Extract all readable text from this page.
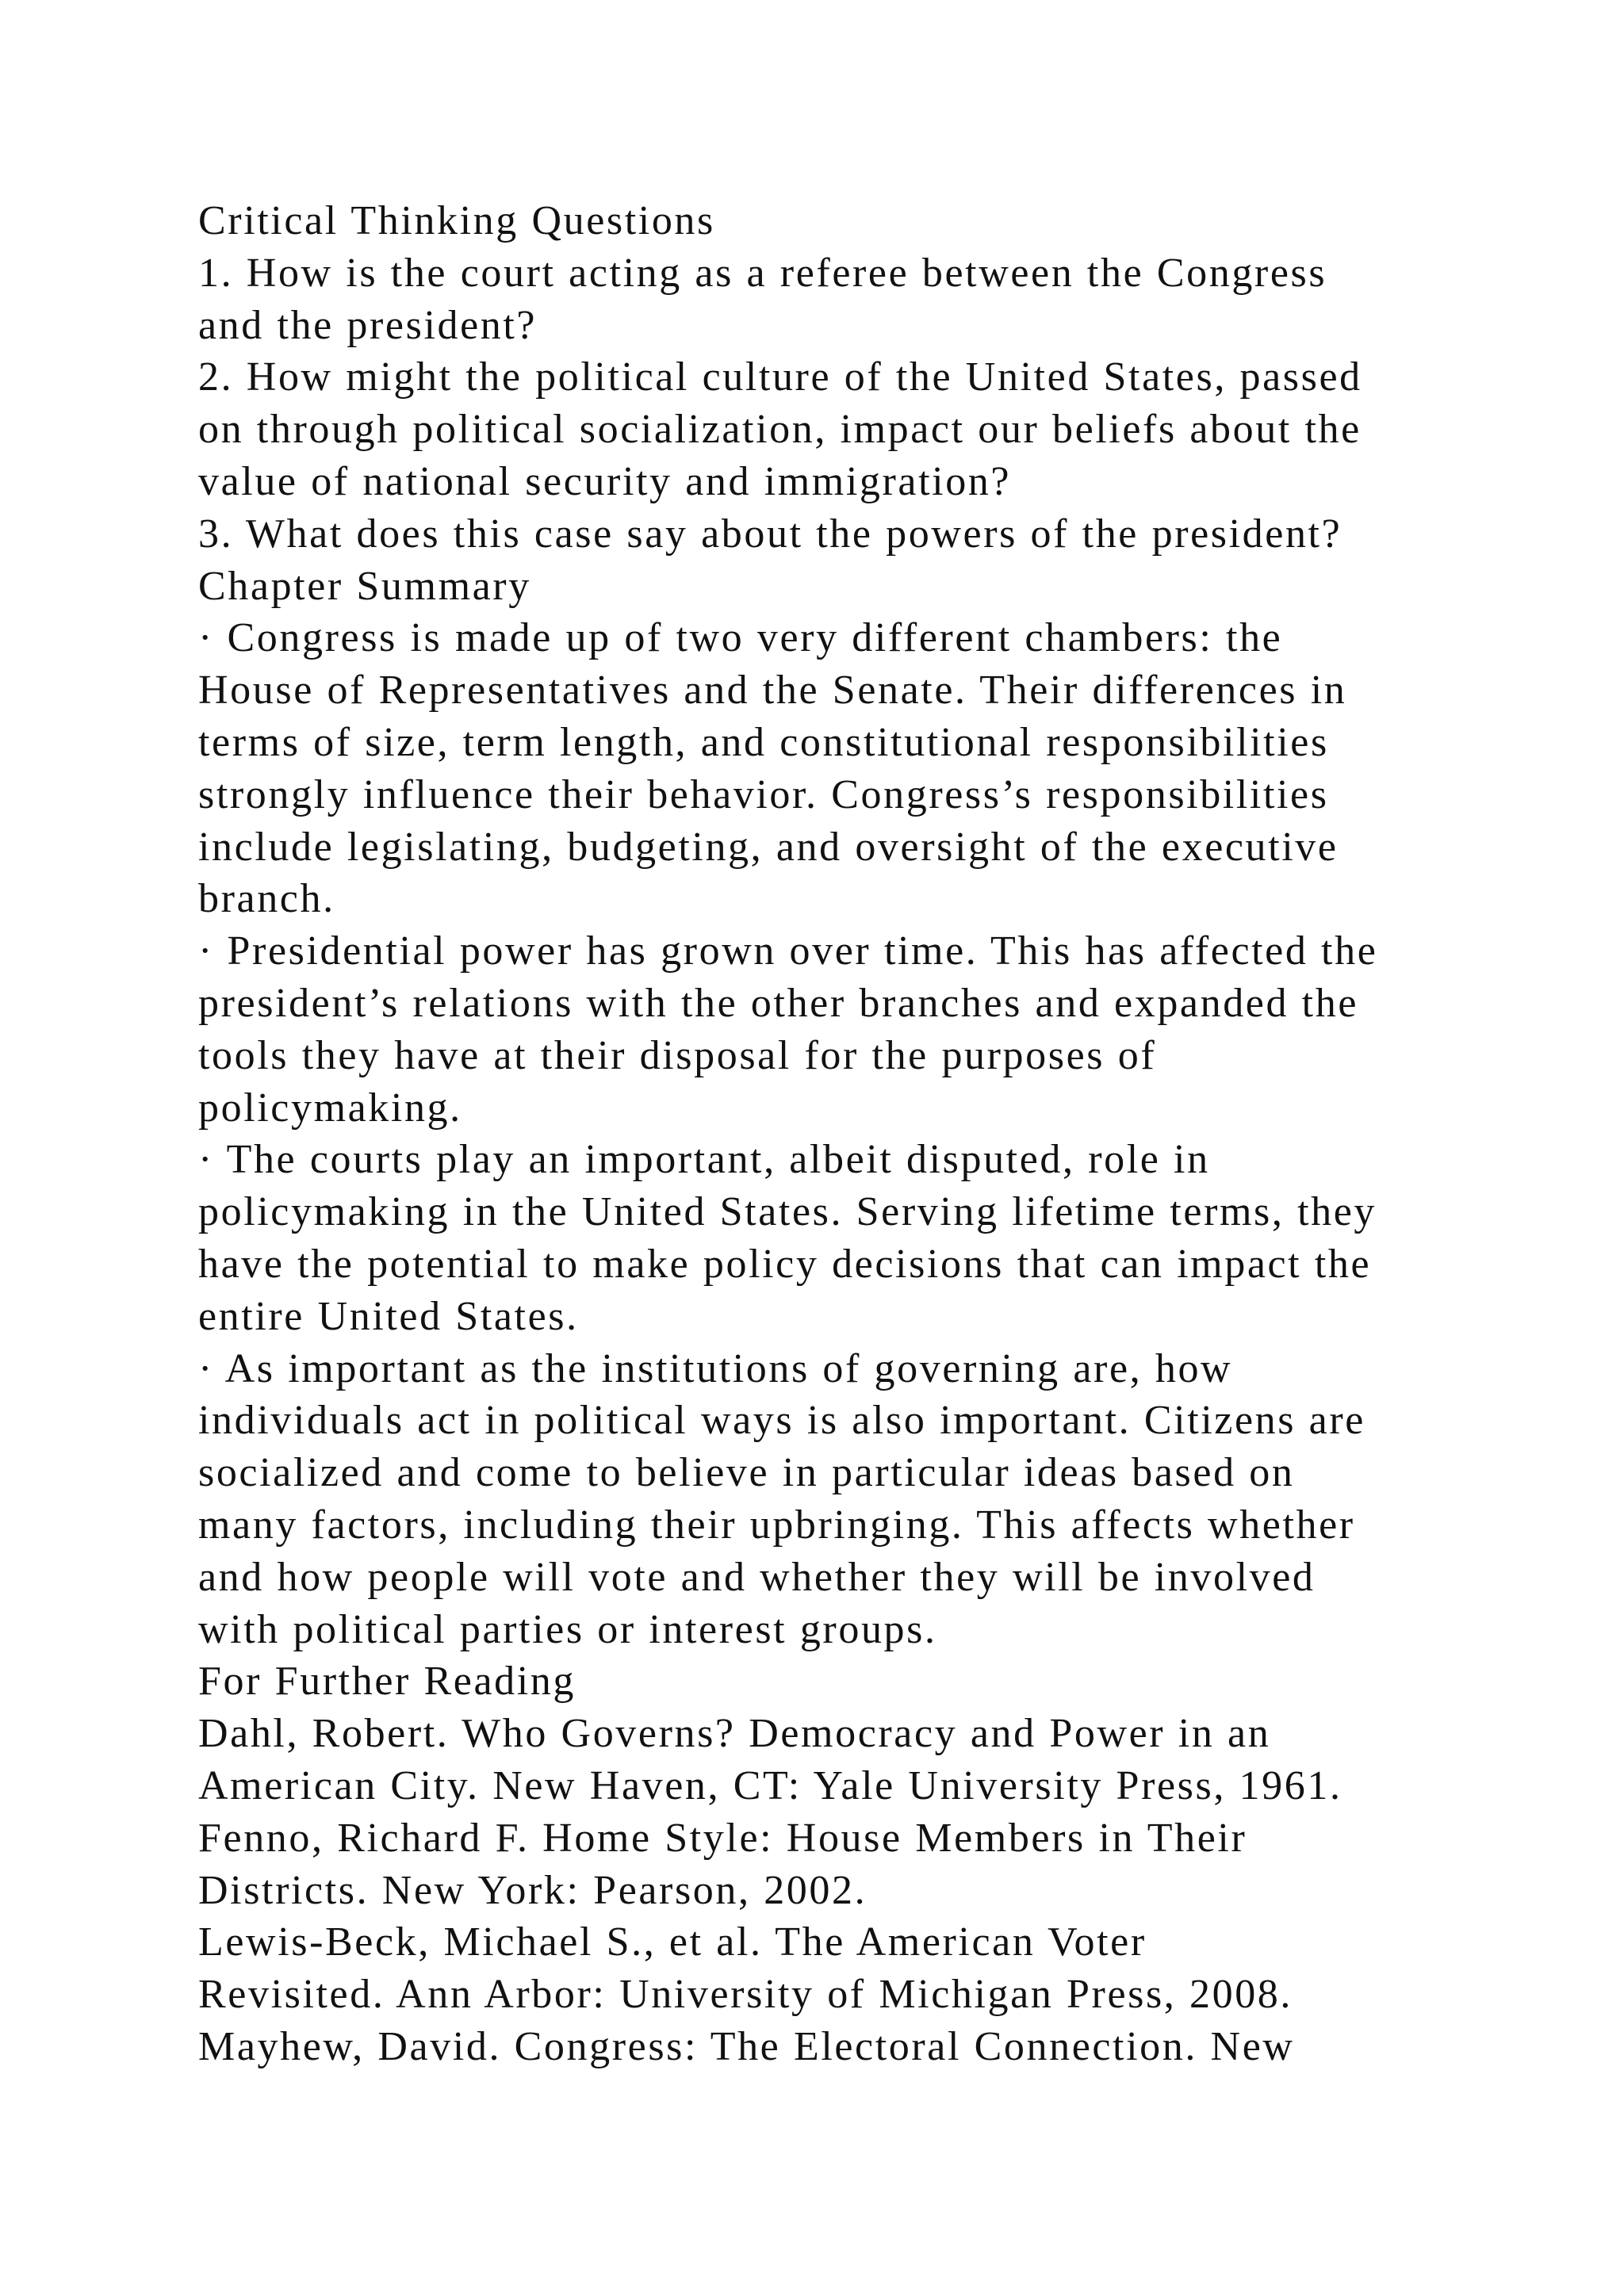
Critical Thinking Questions
1. How is the court acting as a referee between the Congress
and the president?
2. How might the political culture of the United States, passed
on through political socialization, impact our beliefs about the
value of national security and immigration?
3. What does this case say about the powers of the president?
Chapter Summary
· Congress is made up of two very different chambers: the
House of Representatives and the Senate. Their differences in
terms of size, term length, and constitutional responsibilities
strongly influence their behavior. Congress’s responsibilities
include legislating, budgeting, and oversight of the executive
branch.
· Presidential power has grown over time. This has affected the
president’s relations with the other branches and expanded the
tools they have at their disposal for the purposes of
policymaking.
· The courts play an important, albeit disputed, role in
policymaking in the United States. Serving lifetime terms, they
have the potential to make policy decisions that can impact the
entire United States.
· As important as the institutions of governing are, how
individuals act in political ways is also important. Citizens are
socialized and come to believe in particular ideas based on
many factors, including their upbringing. This affects whether
and how people will vote and whether they will be involved
with political parties or interest groups.
For Further Reading
Dahl, Robert. Who Governs? Democracy and Power in an
American City. New Haven, CT: Yale University Press, 1961.
Fenno, Richard F. Home Style: House Members in Their
Districts. New York: Pearson, 2002.
Lewis-Beck, Michael S., et al. The American Voter
Revisited. Ann Arbor: University of Michigan Press, 2008.
Mayhew, David. Congress: The Electoral Connection. New
